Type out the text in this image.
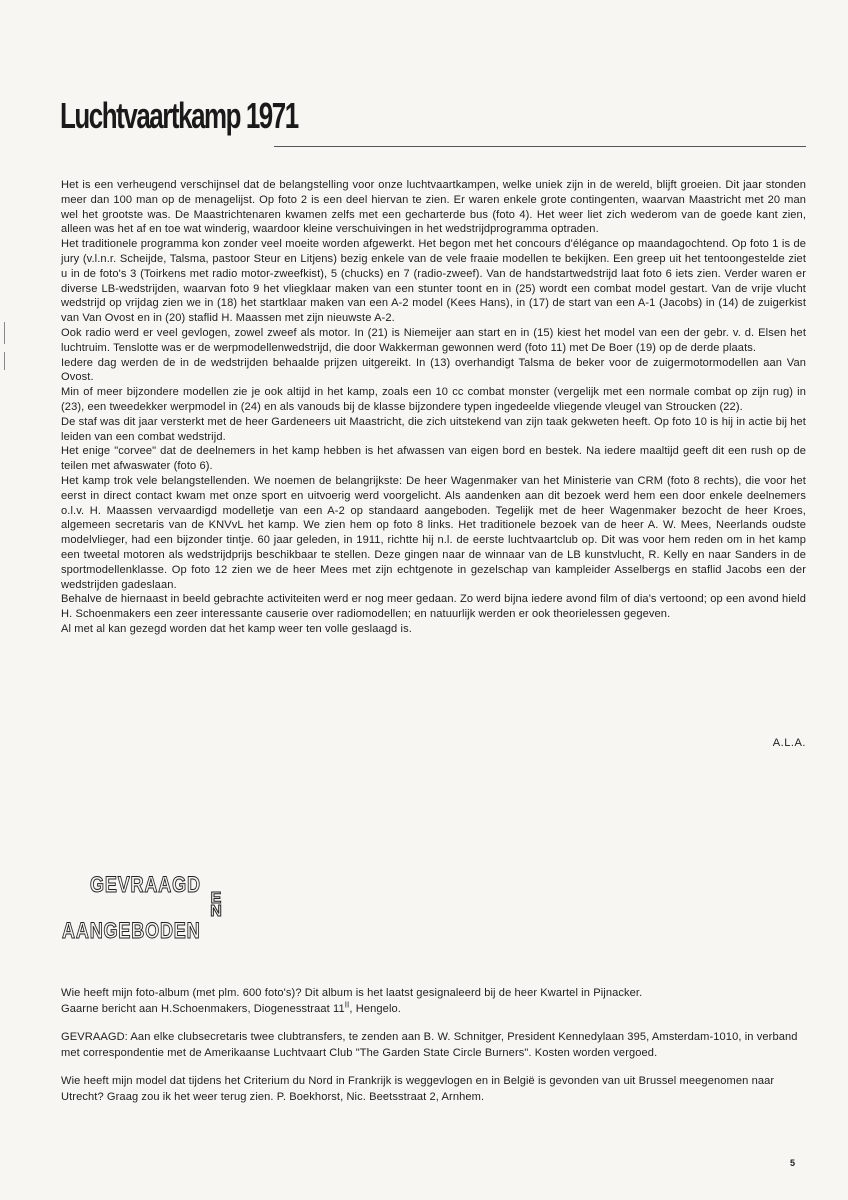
Luchtvaartkamp 1971

Het is een verheugend verschijnsel dat de belangstelling voor onze luchtvaartkampen, welke uniek zijn in de wereld, blijft groeien. Dit jaar stonden meer dan 100 man op de menagelijst. Op foto 2 is een deel hiervan te zien. Er waren enkele grote contingenten, waarvan Maastricht met 20 man wel het grootste was. De Maastrichtenaren kwamen zelfs met een gecharterde bus (foto 4). Het weer liet zich wederom van de goede kant zien, alleen was het af en toe wat winderig, waardoor kleine verschuivingen in het wedstrijdprogramma optraden.

Het traditionele programma kon zonder veel moeite worden afgewerkt. Het begon met het concours d'élégance op maandagochtend. Op foto 1 is de jury (v.l.n.r. Scheijde, Talsma, pastoor Steur en Litjens) bezig enkele van de vele fraaie modellen te bekijken. Een greep uit het tentoongestelde ziet u in de foto's 3 (Toirkens met radio motor-zweefkist), 5 (chucks) en 7 (radio-zweef). Van de handstartwedstrijd laat foto 6 iets zien. Verder waren er diverse LB-wedstrijden, waarvan foto 9 het vliegklaar maken van een stunter toont en in (25) wordt een combat model gestart. Van de vrije vlucht wedstrijd op vrijdag zien we in (18) het startklaar maken van een A-2 model (Kees Hans), in (17) de start van een A-1 (Jacobs) in (14) de zuigerkist van Van Ovost en in (20) staflid H. Maassen met zijn nieuwste A-2.

Ook radio werd er veel gevlogen, zowel zweef als motor. In (21) is Niemeijer aan start en in (15) kiest het model van een der gebr. v. d. Elsen het luchtruim. Tenslotte was er de werpmodellenwedstrijd, die door Wakkerman gewonnen werd (foto 11) met De Boer (19) op de derde plaats.

Iedere dag werden de in de wedstrijden behaalde prijzen uitgereikt. In (13) overhandigt Talsma de beker voor de zuigermotormodellen aan Van Ovost.

Min of meer bijzondere modellen zie je ook altijd in het kamp, zoals een 10 cc combat monster (vergelijk met een normale combat op zijn rug) in (23), een tweedekker werpmodel in (24) en als vanouds bij de klasse bijzondere typen ingedeelde vliegende vleugel van Stroucken (22).

De staf was dit jaar versterkt met de heer Gardeneers uit Maastricht, die zich uitstekend van zijn taak gekweten heeft. Op foto 10 is hij in actie bij het leiden van een combat wedstrijd.

Het enige "corvee" dat de deelnemers in het kamp hebben is het afwassen van eigen bord en bestek. Na iedere maaltijd geeft dit een rush op de teilen met afwaswater (foto 6).

Het kamp trok vele belangstellenden. We noemen de belangrijkste: De heer Wagenmaker van het Ministerie van CRM (foto 8 rechts), die voor het eerst in direct contact kwam met onze sport en uitvoerig werd voorgelicht. Als aandenken aan dit bezoek werd hem een door enkele deelnemers o.l.v. H. Maassen vervaardigd modelletje van een A-2 op standaard aangeboden. Tegelijk met de heer Wagenmaker bezocht de heer Kroes, algemeen secretaris van de KNVvL het kamp. We zien hem op foto 8 links. Het traditionele bezoek van de heer A. W. Mees, Neerlands oudste modelvlieger, had een bijzonder tintje. 60 jaar geleden, in 1911, richtte hij n.l. de eerste luchtvaartclub op. Dit was voor hem reden om in het kamp een tweetal motoren als wedstrijdprijs beschikbaar te stellen. Deze gingen naar de winnaar van de LB kunstvlucht, R. Kelly en naar Sanders in de sportmodellenklasse. Op foto 12 zien we de heer Mees met zijn echtgenote in gezelschap van kampleider Asselbergs en staflid Jacobs een der wedstrijden gadeslaan.

Behalve de hiernaast in beeld gebrachte activiteiten werd er nog meer gedaan. Zo werd bijna iedere avond film of dia's vertoond; op een avond hield H. Schoenmakers een zeer interessante causerie over radiomodellen; en natuurlijk werden er ook theorielessen gegeven.

Al met al kan gezegd worden dat het kamp weer ten volle geslaagd is.

A.L.A.
GEVRAAGD
EN
AANGEBODEN

Wie heeft mijn foto-album (met plm. 600 foto's)? Dit album is het laatst gesignaleerd bij de heer Kwartel in Pijnacker.
Gaarne bericht aan H.Schoenmakers, Diogenesstraat $11^{II}$, Hengelo.

GEVRAAGD: Aan elke clubsecretaris twee clubtransfers, te zenden aan B. W. Schnitger, President Kennedylaan 395, Amsterdam-1010, in verband met correspondentie met de Amerikaanse Luchtvaart Club "The Garden State Circle Burners". Kosten worden vergoed.

Wie heeft mijn model dat tijdens het Criterium du Nord in Frankrijk is weggevlogen en in België is gevonden van uit Brussel meegenomen naar Utrecht? Graag zou ik het weer terug zien. P. Boekhorst, Nic. Beetsstraat 2, Arnhem.

5
